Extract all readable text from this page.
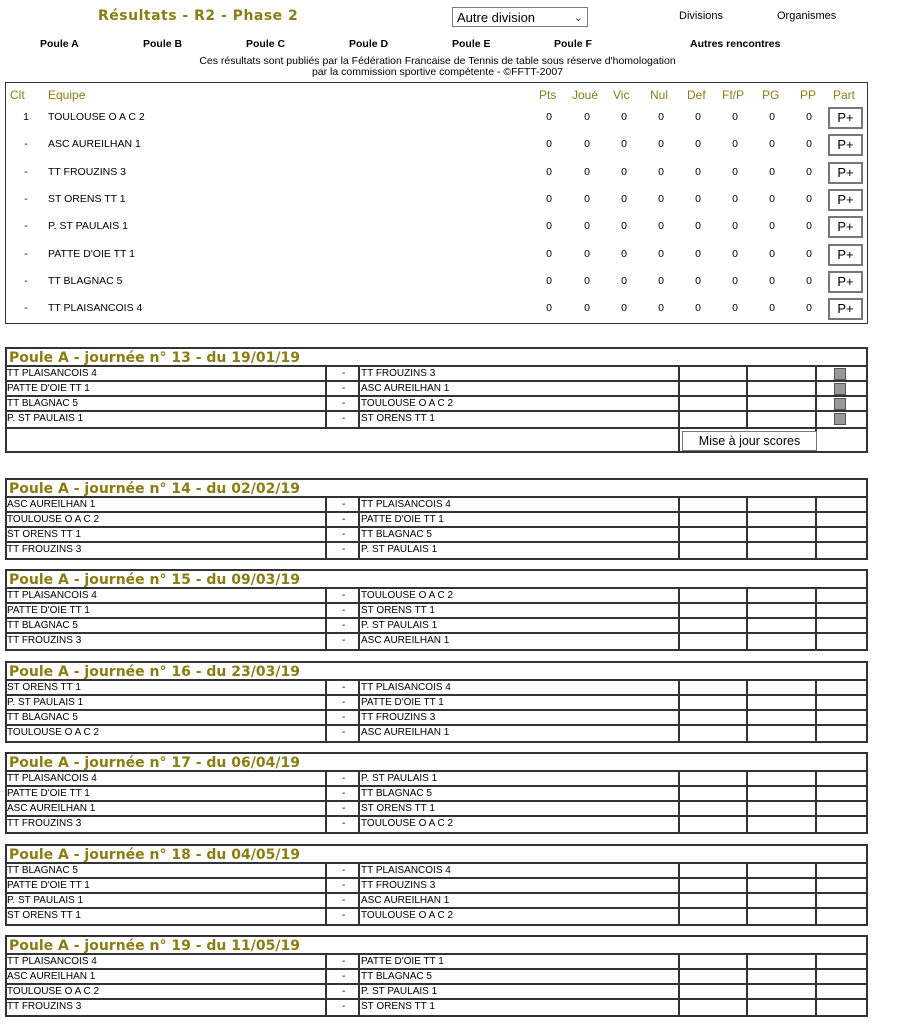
Résultats - R2 - Phase 2	Autre division	⌄	Divisions	Organismes
Poule A	Poule B	Poule C	Poule D	Poule E	Poule F	Autres rencontres
Ces résultats sont publiés par la Fédération Francaise de Tennis de table sous réserve d'homologation
par la commission sportive compétente - ©FFTT-2007
Clt Equipe	Pts Joué Vic Nul Def Ff/P PG PP Part
1	TOULOUSE O A C 2	0	0	0	0	0	0	0	0	P+
-	ASC AUREILHAN 1	0	0	0	0	0	0	0	0	P+
-	TT FROUZINS 3	0	0	0	0	0	0	0	0	P+
-	ST ORENS TT 1	0	0	0	0	0	0	0	0	P+
-	P. ST PAULAIS 1	0	0	0	0	0	0	0	0	P+
-	PATTE D'OIE TT 1	0	0	0	0	0	0	0	0	P+
-	TT BLAGNAC 5	0	0	0	0	0	0	0	0	P+
-	TT PLAISANCOIS 4	0	0	0	0	0	0	0	0	P+
Poule A - journée n° 13 - du 19/01/19
TT PLAISANCOIS 4	- TT FROUZINS 3
PATTE D'OIE TT 1	- ASC AUREILHAN 1
TT BLAGNAC 5	- TOULOUSE O A C 2
P. ST PAULAIS 1	- ST ORENS TT 1
Mise à jour scores
Poule A - journée n° 14 - du 02/02/19
ASC AUREILHAN 1	- TT PLAISANCOIS 4
TOULOUSE O A C 2	- PATTE D'OIE TT 1
ST ORENS TT 1	- TT BLAGNAC 5
TT FROUZINS 3	- P. ST PAULAIS 1
Poule A - journée n° 15 - du 09/03/19
TT PLAISANCOIS 4	- TOULOUSE O A C 2
PATTE D'OIE TT 1	- ST ORENS TT 1
TT BLAGNAC 5	- P. ST PAULAIS 1
TT FROUZINS 3	- ASC AUREILHAN 1
Poule A - journée n° 16 - du 23/03/19
ST ORENS TT 1	- TT PLAISANCOIS 4
P. ST PAULAIS 1	- PATTE D'OIE TT 1
TT BLAGNAC 5	- TT FROUZINS 3
TOULOUSE O A C 2	- ASC AUREILHAN 1
Poule A - journée n° 17 - du 06/04/19
TT PLAISANCOIS 4	- P. ST PAULAIS 1
PATTE D'OIE TT 1	- TT BLAGNAC 5
ASC AUREILHAN 1	- ST ORENS TT 1
TT FROUZINS 3	- TOULOUSE O A C 2
Poule A - journée n° 18 - du 04/05/19
TT BLAGNAC 5	- TT PLAISANCOIS 4
PATTE D'OIE TT 1	- TT FROUZINS 3
P. ST PAULAIS 1	- ASC AUREILHAN 1
ST ORENS TT 1	- TOULOUSE O A C 2
Poule A - journée n° 19 - du 11/05/19
TT PLAISANCOIS 4	- PATTE D'OIE TT 1
ASC AUREILHAN 1	- TT BLAGNAC 5
TOULOUSE O A C 2	- P. ST PAULAIS 1
TT FROUZINS 3	- ST ORENS TT 1
